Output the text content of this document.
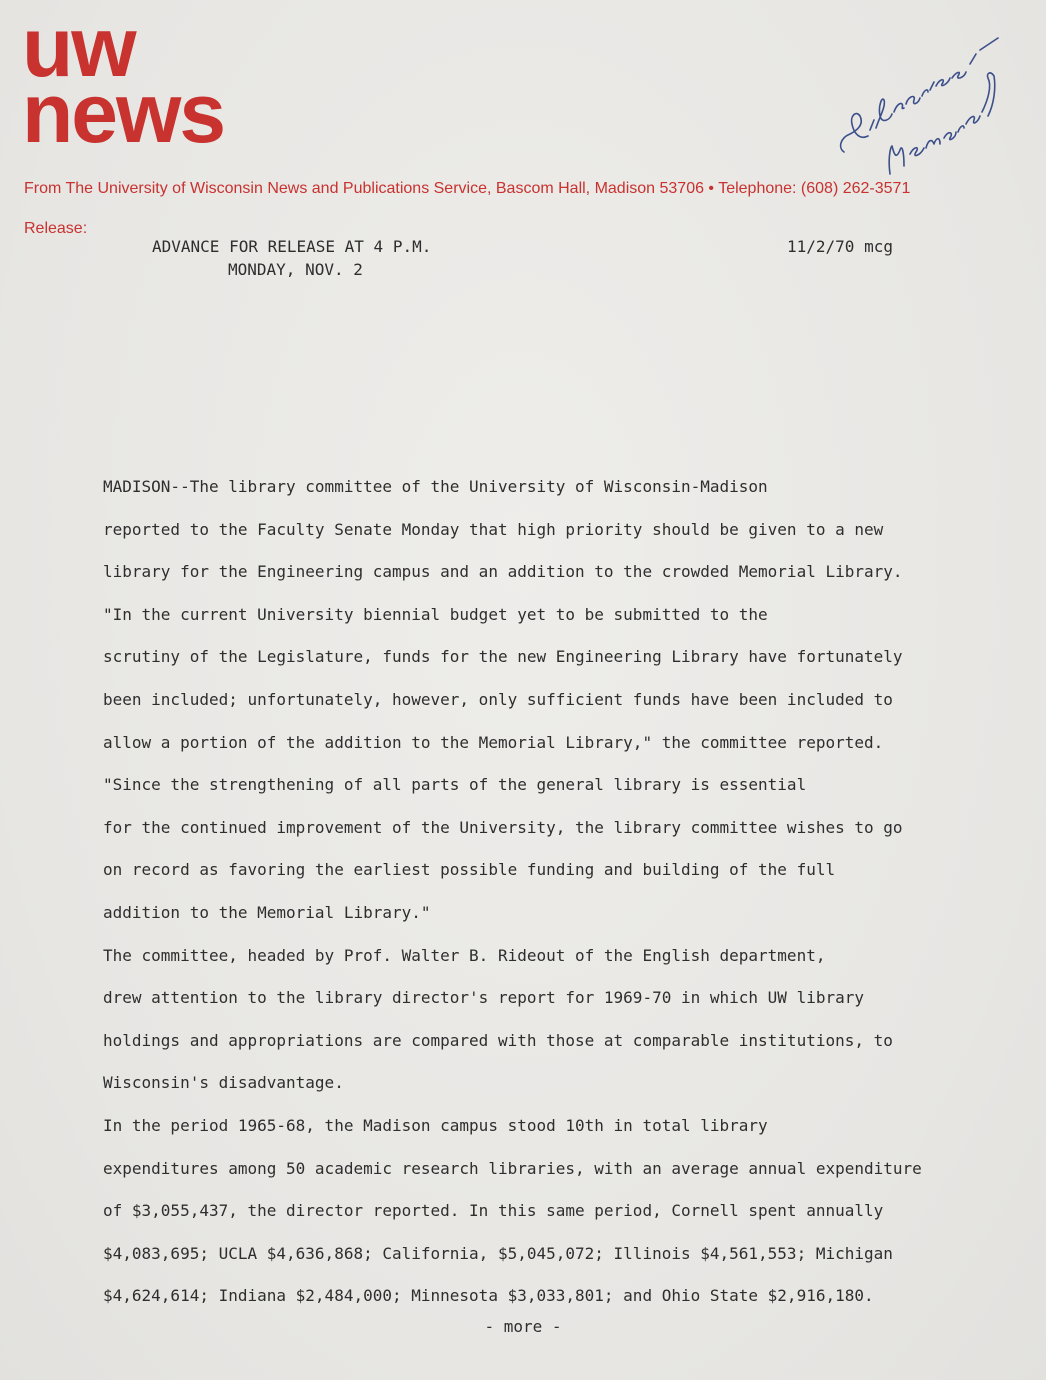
uw
news
From The University of Wisconsin News and Publications Service, Bascom Hall, Madison 53706 • Telephone: (608) 262-3571
Release:
ADVANCE FOR RELEASE AT 4 P.M.
MONDAY, NOV. 2
11/2/70 mcg

MADISON--The library committee of the University of Wisconsin-Madison
reported to the Faculty Senate Monday that high priority should be given to a new
library for the Engineering campus and an addition to the crowded Memorial Library.

"In the current University biennial budget yet to be submitted to the
scrutiny of the Legislature, funds for the new Engineering Library have fortunately
been included; unfortunately, however, only sufficient funds have been included to
allow a portion of the addition to the Memorial Library," the committee reported.

"Since the strengthening of all parts of the general library is essential
for the continued improvement of the University, the library committee wishes to go
on record as favoring the earliest possible funding and building of the full
addition to the Memorial Library."

The committee, headed by Prof. Walter B. Rideout of the English department,
drew attention to the library director's report for 1969-70 in which UW library
holdings and appropriations are compared with those at comparable institutions, to
Wisconsin's disadvantage.

In the period 1965-68, the Madison campus stood 10th in total library
expenditures among 50 academic research libraries, with an average annual expenditure
of $3,055,437, the director reported. In this same period, Cornell spent annually
$4,083,695; UCLA $4,636,868; California, $5,045,072; Illinois $4,561,553; Michigan
$4,624,614; Indiana $2,484,000; Minnesota $3,033,801; and Ohio State $2,916,180.

- more -
